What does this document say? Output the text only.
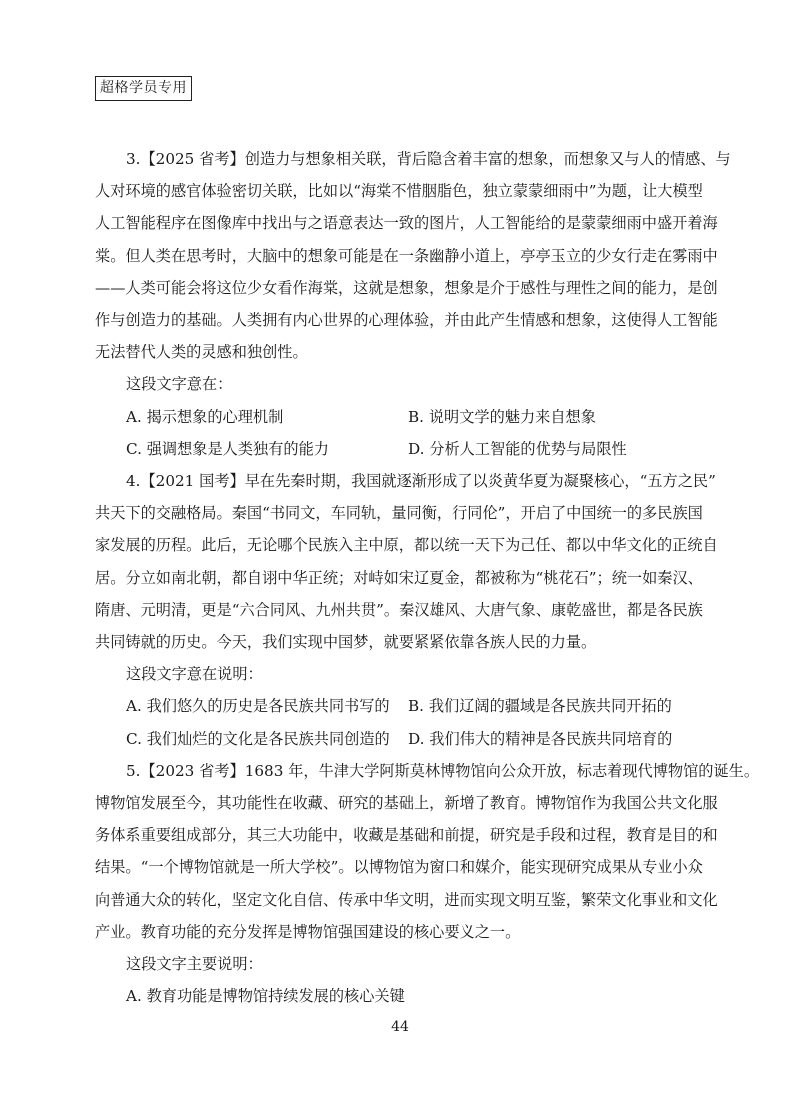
超格学员专用
3.【2025 省考】创造力与想象相关联，背后隐含着丰富的想象，而想象又与人的情感、与
人对环境的感官体验密切关联，比如以“海棠不惜胭脂色，独立蒙蒙细雨中”为题，让大模型
人工智能程序在图像库中找出与之语意表达一致的图片，人工智能给的是蒙蒙细雨中盛开着海
棠。但人类在思考时，大脑中的想象可能是在一条幽静小道上，亭亭玉立的少女行走在雾雨中
——人类可能会将这位少女看作海棠，这就是想象，想象是介于感性与理性之间的能力，是创
作与创造力的基础。人类拥有内心世界的心理体验，并由此产生情感和想象，这使得人工智能
无法替代人类的灵感和独创性。
这段文字意在：
A. 揭示想象的心理机制	B. 说明文学的魅力来自想象
C. 强调想象是人类独有的能力	D. 分析人工智能的优势与局限性
4.【2021 国考】早在先秦时期，我国就逐渐形成了以炎黄华夏为凝聚核心，“五方之民”
共天下的交融格局。秦国“书同文，车同轨，量同衡，行同伦”，开启了中国统一的多民族国
家发展的历程。此后，无论哪个民族入主中原，都以统一天下为己任、都以中华文化的正统自
居。分立如南北朝，都自诩中华正统；对峙如宋辽夏金，都被称为“桃花石”；统一如秦汉、
隋唐、元明清，更是“六合同风、九州共贯”。秦汉雄风、大唐气象、康乾盛世，都是各民族
共同铸就的历史。今天，我们实现中国梦，就要紧紧依靠各族人民的力量。
这段文字意在说明：
A. 我们悠久的历史是各民族共同书写的	B. 我们辽阔的疆域是各民族共同开拓的
C. 我们灿烂的文化是各民族共同创造的	D. 我们伟大的精神是各民族共同培育的
5.【2023 省考】1683 年，牛津大学阿斯莫林博物馆向公众开放，标志着现代博物馆的诞生。
博物馆发展至今，其功能性在收藏、研究的基础上，新增了教育。博物馆作为我国公共文化服
务体系重要组成部分，其三大功能中，收藏是基础和前提，研究是手段和过程，教育是目的和
结果。“一个博物馆就是一所大学校”。以博物馆为窗口和媒介，能实现研究成果从专业小众
向普通大众的转化，坚定文化自信、传承中华文明，进而实现文明互鉴，繁荣文化事业和文化
产业。教育功能的充分发挥是博物馆强国建设的核心要义之一。
这段文字主要说明：
A. 教育功能是博物馆持续发展的核心关键
44
